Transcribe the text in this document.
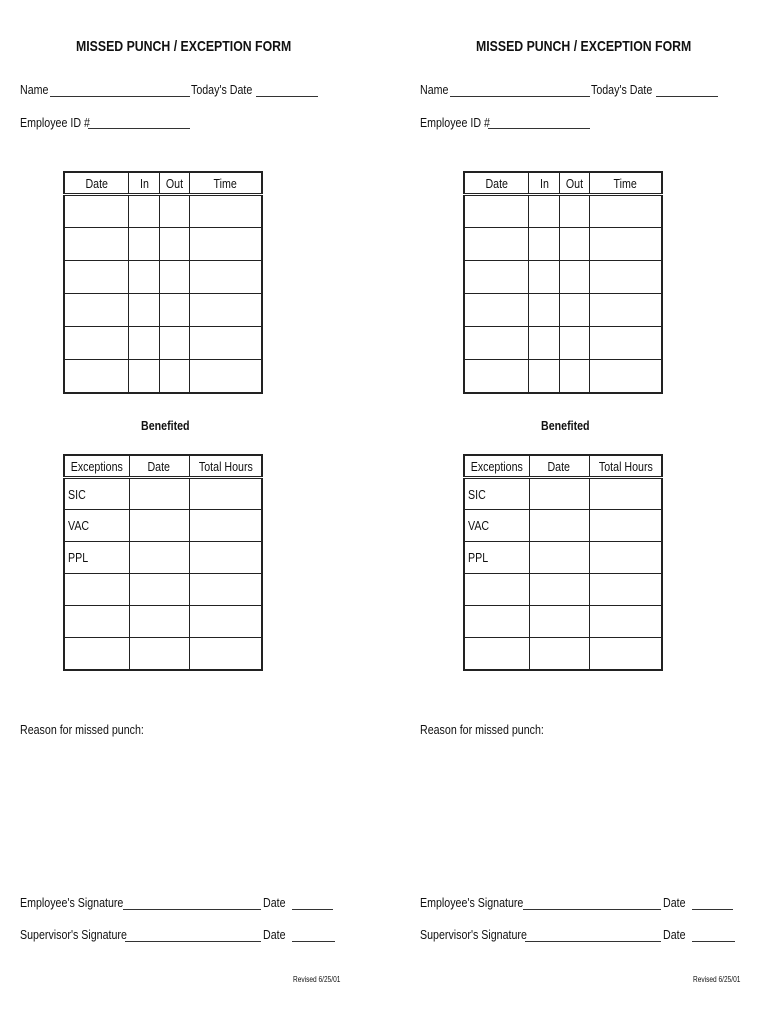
MISSED PUNCH / EXCEPTION FORM
Name	Today's Date
Employee ID #
Date	In	Out	Time

Benefited
Exceptions	Date	Total Hours
SIC		
VAC		
PPL		

Reason for missed punch:
Employee's Signature	Date
Supervisor's Signature	Date
Revised 6/25/01
MISSED PUNCH / EXCEPTION FORM
Name	Today's Date
Employee ID #
Date	In	Out	Time

Benefited
Exceptions	Date	Total Hours
SIC		
VAC		
PPL		

Reason for missed punch:
Employee's Signature	Date
Supervisor's Signature	Date
Revised 6/25/01
